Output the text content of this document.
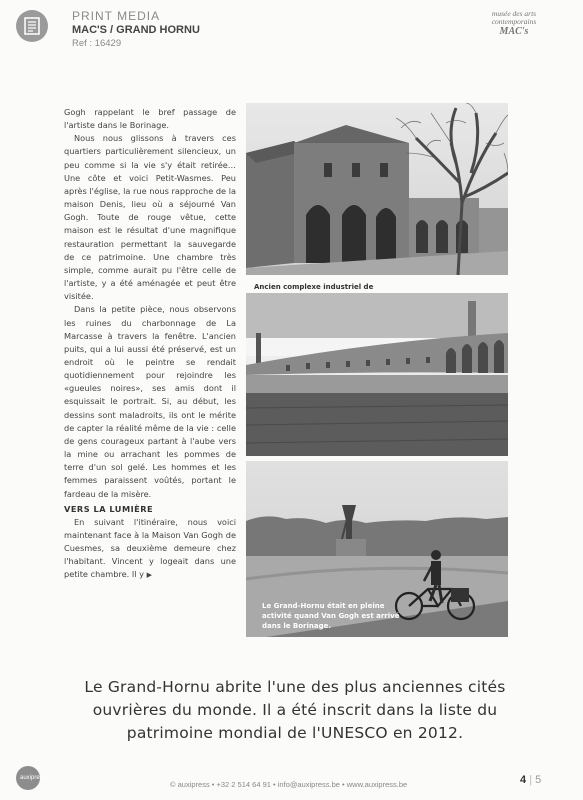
PRINT MEDIA
MAC'S / GRAND HORNU
Ref : 16429
musée des arts
contemporains
MAC's

Gogh rappelant le bref passage de l'artiste dans le Borinage.

Nous nous glissons à travers ces quartiers particulièrement silencieux, un peu comme si la vie s'y était retirée… Une côte et voici Petit-Wasmes. Peu après l'église, la rue nous rapproche de la maison Denis, lieu où a séjourné Van Gogh. Toute de rouge vêtue, cette maison est le résultat d'une magnifique restauration permettant la sauvegarde de ce patrimoine. Une chambre très simple, comme aurait pu l'être celle de l'artiste, y a été aménagée et peut être visitée.

Dans la petite pièce, nous observons les ruines du charbonnage de La Marcasse à travers la fenêtre. L'ancien puits, qui a lui aussi été préservé, est un endroit où le peintre se rendait quotidiennement pour rejoindre les «gueules noires», ses amis dont il esquissait le portrait. Si, au début, les dessins sont maladroits, ils ont le mérite de capter la réalité même de la vie : celle de gens courageux partant à l'aube vers la mine ou arrachant les pommes de terre d'un sol gelé. Les hommes et les femmes paraissent voûtés, portant le fardeau de la misère.

VERS LA LUMIÈRE

En suivant l'itinéraire, nous voici maintenant face à la Maison Van Gogh de Cuesmes, sa deuxième demeure chez l'habitant. Vincent y logeait dans une petite chambre. Il y ▶

Ancien complexe industriel de
Le Grand-Hornu était en pleine activité quand Van Gogh est arrivé dans le Borinage.
Le Grand-Hornu abrite l'une des plus anciennes cités ouvrières du monde. Il a été inscrit dans la liste du patrimoine mondial de l'UNESCO en 2012.
auxipress
© auxipress • +32 2 514 64 91 • info@auxipress.be • www.auxipress.be	4 | 5
